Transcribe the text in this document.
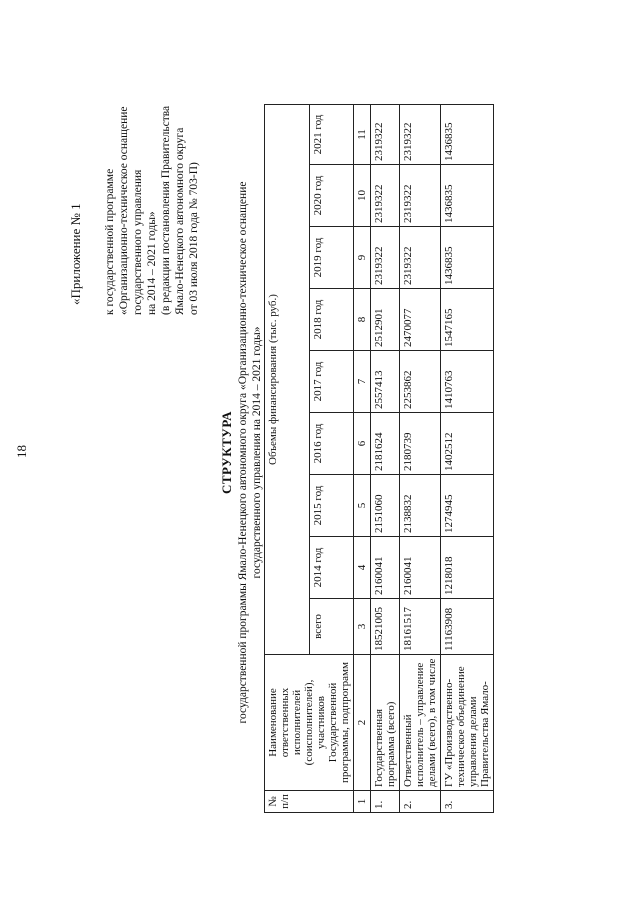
18
«Приложение № 1 к государственной программе «Организационно-техническое оснащение государственного управления на 2014 – 2021 годы» (в редакции постановления Правительства Ямало-Ненецкого автономного округа от 03 июля 2018 года № 703-П)
СТРУКТУРА государственной программы Ямало-Ненецкого автономного округа «Организационно-техническое оснащение государственного управления на 2014 – 2021 годы»
№ п/п	Наименование ответственных исполнителей (соисполнителей), участников Государственной программы, подпрограмм	Объемы финансирования (тыс. руб.)								
		всего	2014 год	2015 год	2016 год	2017 год	2018 год	2019 год	2020 год	2021 год
1	2	3	4	5	6	7	8	9	10	11
1.	Государственная программа (всего)	18521005	2160041	2151060	2181624	2557413	2512901	2319322	2319322	2319322
2.	Ответственный исполнитель – управление делами (всего), в том числе	18161517	2160041	2138832	2180739	2253862	2470077	2319322	2319322	2319322
3.	ГУ «Производственно-техническое объединение управления делами Правительства Ямало-	11163908	1218018	1274945	1402512	1410763	1547165	1436835	1436835	1436835
